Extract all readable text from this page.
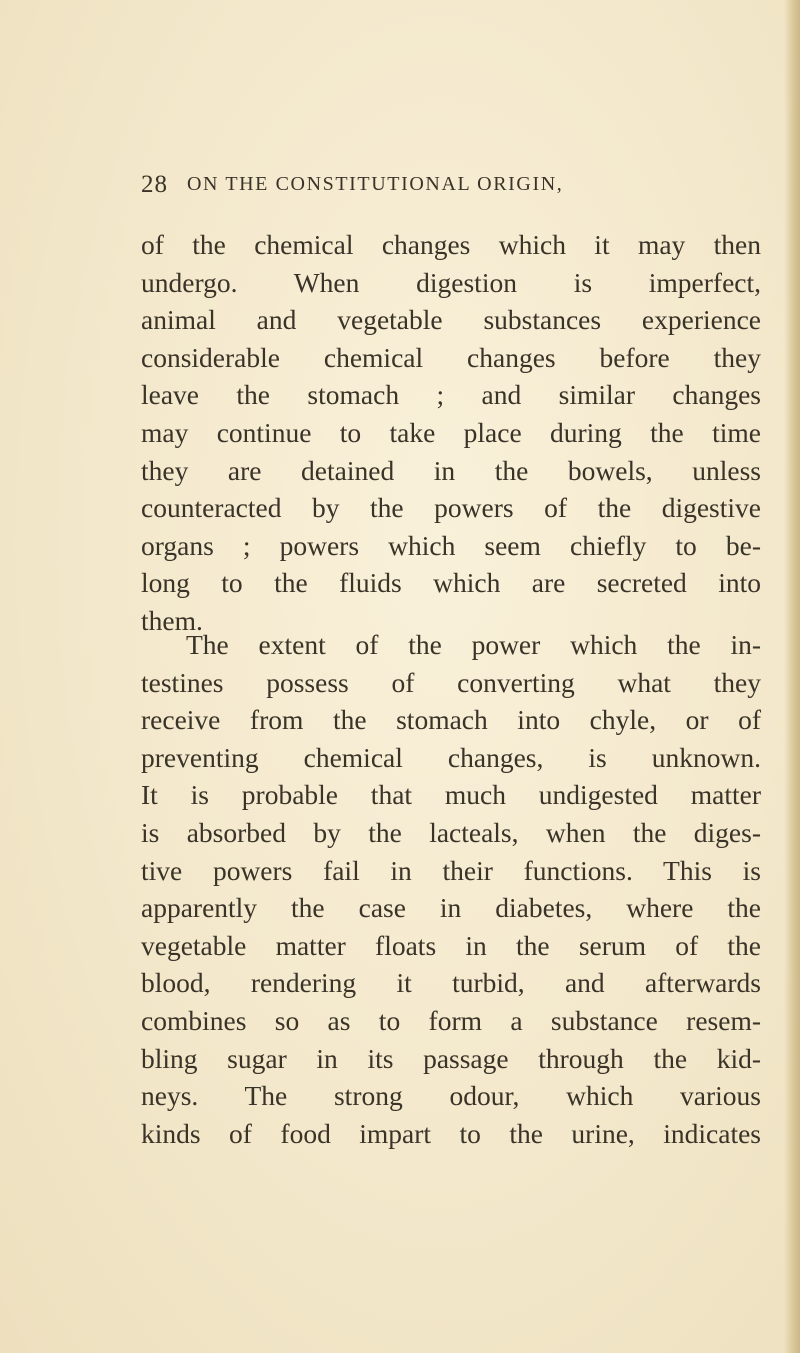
28 ON THE CONSTITUTIONAL ORIGIN,
of the chemical changes which it may then
undergo. When digestion is imperfect,
animal and vegetable substances experience
considerable chemical changes before they
leave the stomach ; and similar changes
may continue to take place during the time
they are detained in the bowels, unless
counteracted by the powers of the digestive
organs ; powers which seem chiefly to be-
long to the fluids which are secreted into
them.
The extent of the power which the in-
testines possess of converting what they
receive from the stomach into chyle, or of
preventing chemical changes, is unknown.
It is probable that much undigested matter
is absorbed by the lacteals, when the diges-
tive powers fail in their functions. This is
apparently the case in diabetes, where the
vegetable matter floats in the serum of the
blood, rendering it turbid, and afterwards
combines so as to form a substance resem-
bling sugar in its passage through the kid-
neys. The strong odour, which various
kinds of food impart to the urine, indicates
